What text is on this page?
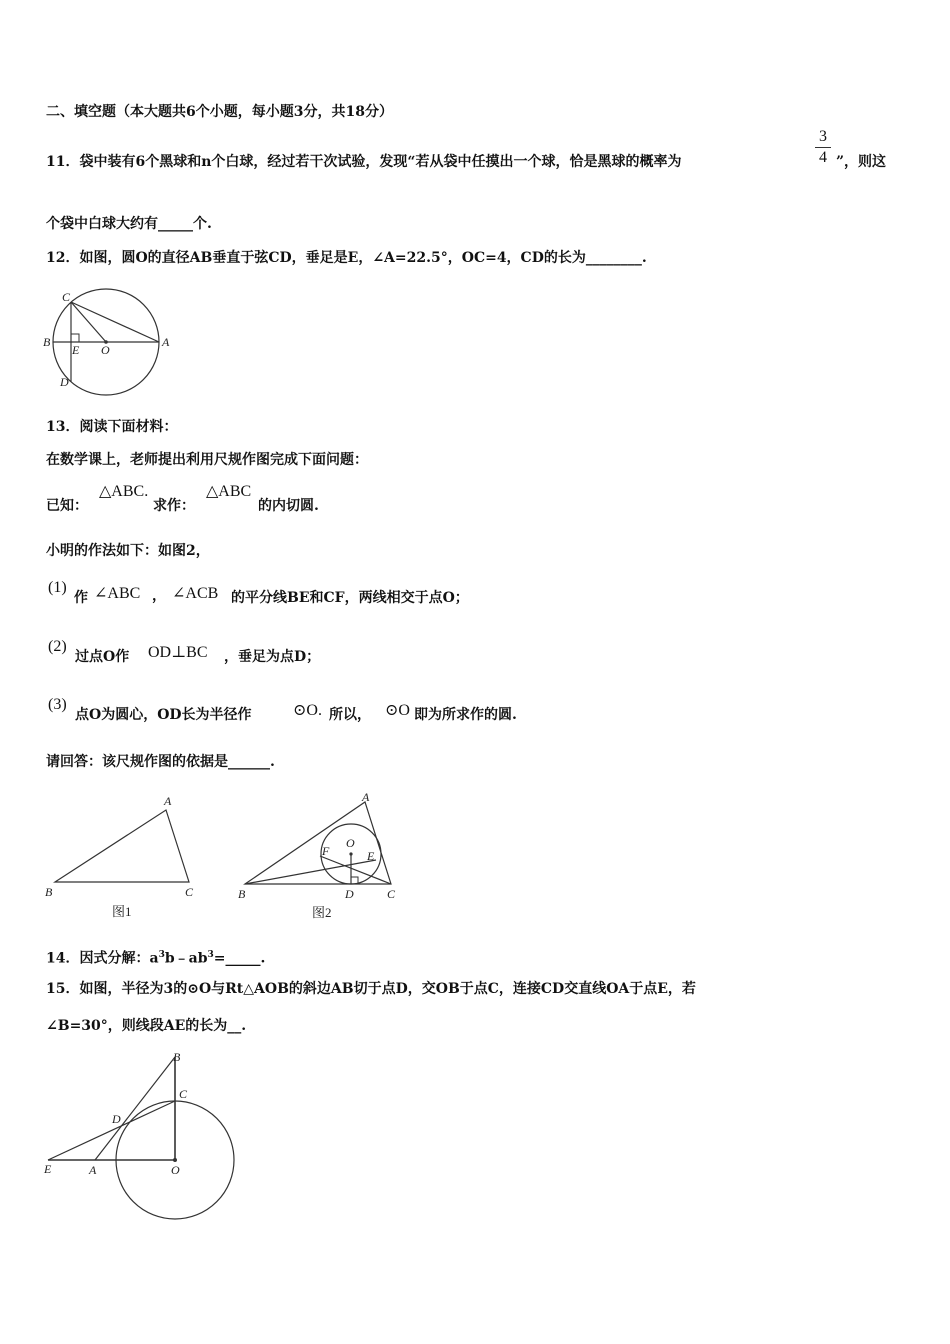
二、填空题（本大题共6个小题，每小题3分，共18分）
11．袋中装有6个黑球和n个白球，经过若干次试验，发现“若从袋中任摸出一个球，恰是黑球的概率为
3
4 ”，则这
个袋中白球大约有_____个.
12．如图，圆O的直径AB垂直于弦CD，垂足是E，∠A=22.5°，OC=4，CD的长为________.
C
B
E O
A
D
13．阅读下面材料：
在数学课上，老师提出利用尺规作图完成下面问题：
已知：
△ABC.
求作：
△ABC
的内切圆.
小明的作法如下：如图2，
(1)
作 ∠ABC ， ∠ACB 的平分线BE和CF，两线相交于点O；
(2)
过点O作 OD⊥BC ，垂足为点D；
(3)
点O为圆心，OD长为半径作	⊙O. 所以， ⊙O 即为所求作的圆.
请回答：该尺规作图的依据是______.
A
B	C
图1
A
B	C
D
E
F
O
图2
14．因式分解：$a^3b﹣ab^3=\_\_\_\_\_$.
15．如图，半径为3的⊙O与Rt△AOB的斜边AB切于点D，交OB于点C，连接CD交直线OA于点E，若
∠B=30°，则线段AE的长为__.
B
C
D
E	A	O
